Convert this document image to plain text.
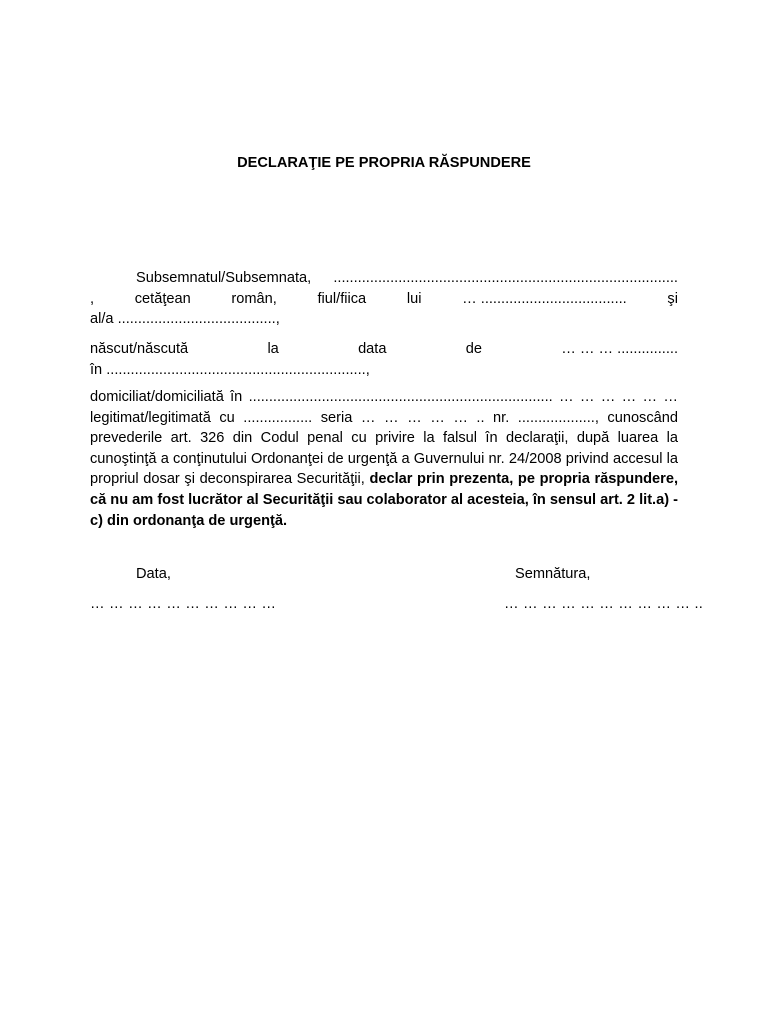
DECLARAŢIE PE PROPRIA RĂSPUNDERE
Subsemnatul/Subsemnata, .....................................................................................
,	cetăţean	român,	fiul/fiica	lui	… ....................................	şi
al/a .......................................,
născut/născută	la	data	de	… … … ...............
în ................................................................,
domiciliat/domiciliată în ........................................................................... … … … … … …
legitimat/legitimată cu ................. seria … … … … … .. nr. ..................., cunoscând prevederile art. 326 din Codul penal cu privire la falsul în declaraţii, după luarea la cunoştinţă a conţinutului Ordonanţei de urgenţă a Guvernului nr. 24/2008 privind accesul la propriul dosar şi deconspirarea Securităţii, declar prin prezenta, pe propria răspundere, că nu am fost lucrător al Securităţii sau colaborator al acesteia, în sensul art. 2 lit.a) - c) din ordonanţa de urgenţă.
Data,	Semnătura,
… … … … … … … … … …	… … … … … … … … … … ..
